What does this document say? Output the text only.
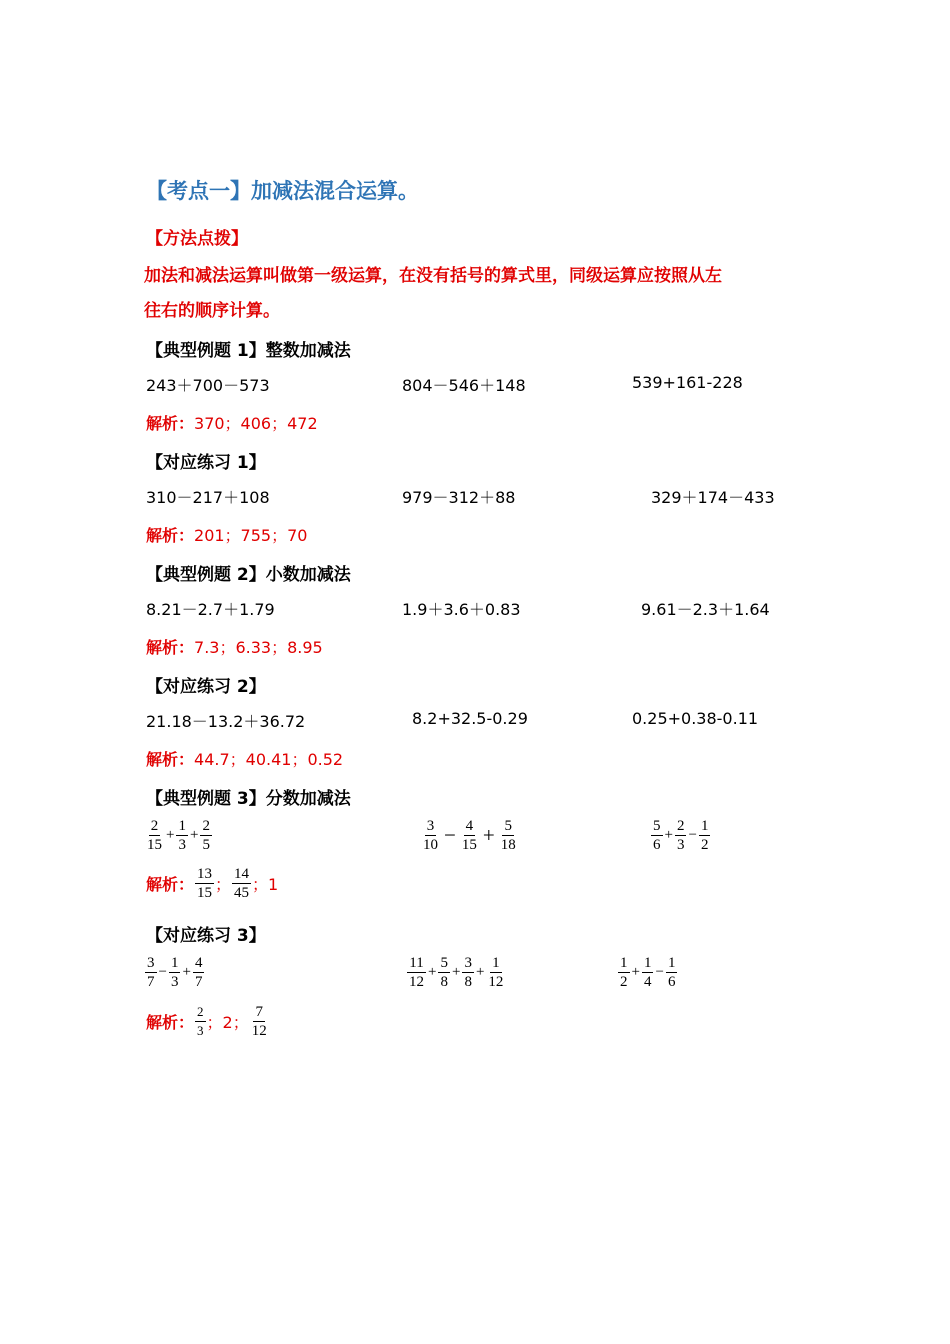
【考点一】加减法混合运算。
【方法点拨】
加法和减法运算叫做第一级运算，在没有括号的算式里，同级运算应按照从左
往右的顺序计算。
【典型例题 1】整数加减法
243＋700－573	804－546＋148	539+161-228
解析：370；406；472
【对应练习 1】
310－217＋108	979－312＋88	329＋174－433
解析：201；755；70
【典型例题 2】小数加减法
8.21－2.7＋1.79	1.9＋3.6＋0.83	9.61－2.3＋1.64
解析：7.3；6.33；8.95
【对应练习 2】
21.18－13.2＋36.72	8.2+32.5-0.29	0.25+0.38-0.11
解析：44.7；40.41；0.52
【典型例题 3】分数加减法
$\frac{2}{15} + \frac{1}{3} + \frac{2}{5}$	$\frac{3}{10} - \frac{4}{15} + \frac{5}{18}$	$\frac{5}{6} + \frac{2}{3} - \frac{1}{2}$
解析： $\frac{13}{15}$ ； $\frac{14}{45}$ ；1
【对应练习 3】
$\frac{3}{7} - \frac{1}{3} + \frac{4}{7}$	$\frac{11}{12} + \frac{5}{8} + \frac{3}{8} + \frac{1}{12}$	$\frac{1}{2} + \frac{1}{4} - \frac{1}{6}$
解析： $\frac{2}{3}$ ；2； $\frac{7}{12}$
